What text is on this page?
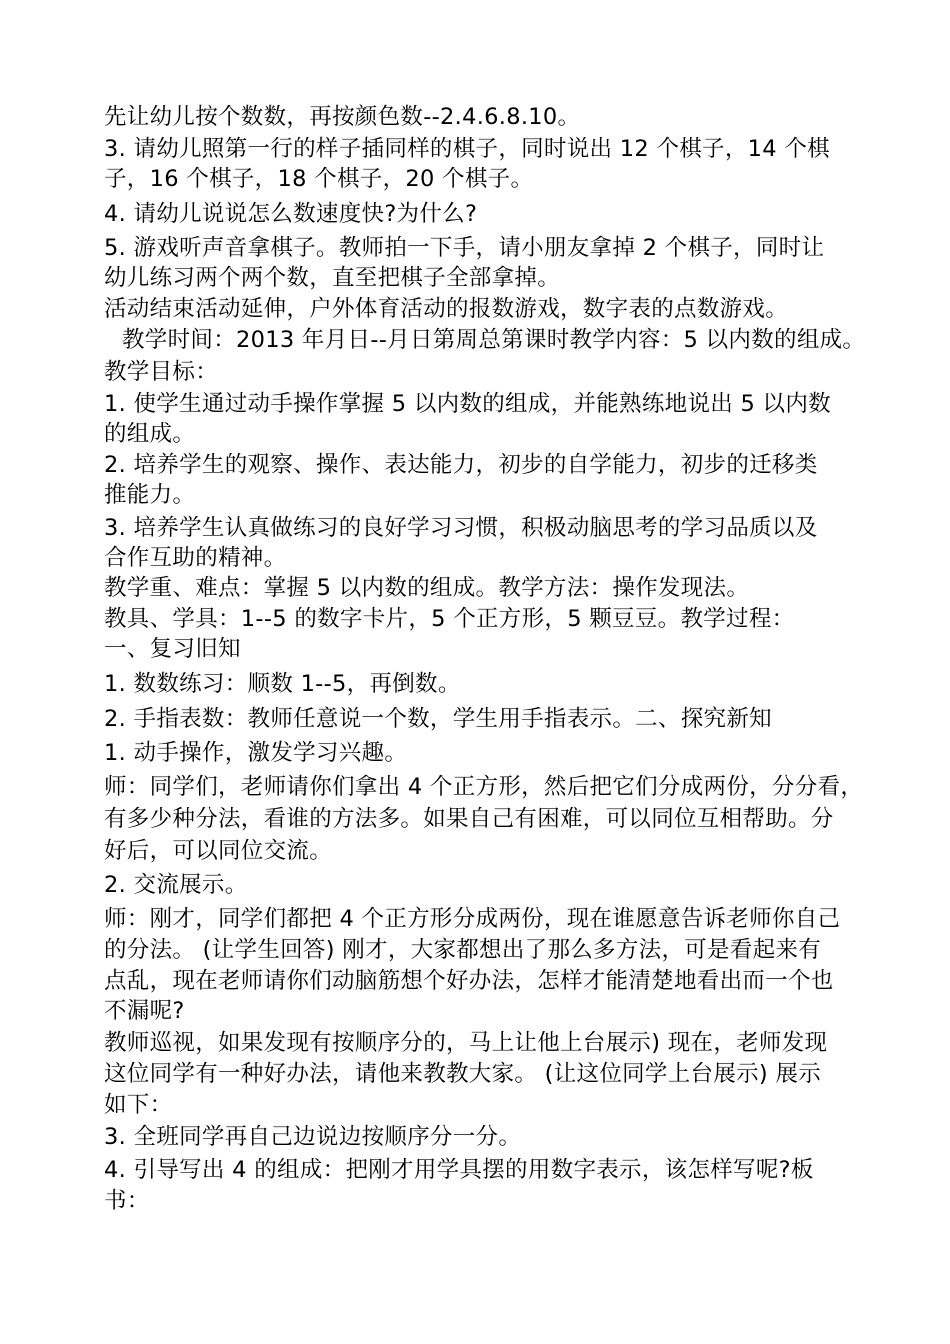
先让幼儿按个数数，再按颜色数--2.4.6.8.10。
3. 请幼儿照第一行的样子插同样的棋子，同时说出 12 个棋子，14 个棋
子，16 个棋子，18 个棋子，20 个棋子。
4. 请幼儿说说怎么数速度快?为什么?
5. 游戏听声音拿棋子。教师拍一下手，请小朋友拿掉 2 个棋子，同时让
幼儿练习两个两个数，直至把棋子全部拿掉。
活动结束活动延伸，户外体育活动的报数游戏，数字表的点数游戏。
教学时间：2013 年月日--月日第周总第课时教学内容：5 以内数的组成。
教学目标：
1. 使学生通过动手操作掌握 5 以内数的组成，并能熟练地说出 5 以内数
的组成。
2. 培养学生的观察、操作、表达能力，初步的自学能力，初步的迁移类
推能力。
3. 培养学生认真做练习的良好学习习惯，积极动脑思考的学习品质以及
合作互助的精神。
教学重、难点：掌握 5 以内数的组成。教学方法：操作发现法。
教具、学具：1--5 的数字卡片，5 个正方形，5 颗豆豆。教学过程：
一、复习旧知
1. 数数练习：顺数 1--5，再倒数。
2. 手指表数：教师任意说一个数，学生用手指表示。二、探究新知
1. 动手操作，激发学习兴趣。
师：同学们，老师请你们拿出 4 个正方形，然后把它们分成两份，分分看，
有多少种分法，看谁的方法多。如果自己有困难，可以同位互相帮助。分
好后，可以同位交流。
2. 交流展示。
师：刚才，同学们都把 4 个正方形分成两份，现在谁愿意告诉老师你自己
的分法。 (让学生回答) 刚才，大家都想出了那么多方法，可是看起来有
点乱，现在老师请你们动脑筋想个好办法，怎样才能清楚地看出而一个也
不漏呢?
教师巡视，如果发现有按顺序分的，马上让他上台展示) 现在，老师发现
这位同学有一种好办法，请他来教教大家。 (让这位同学上台展示) 展示
如下：
3. 全班同学再自己边说边按顺序分一分。
4. 引导写出 4 的组成：把刚才用学具摆的用数字表示，该怎样写呢?板
书：
